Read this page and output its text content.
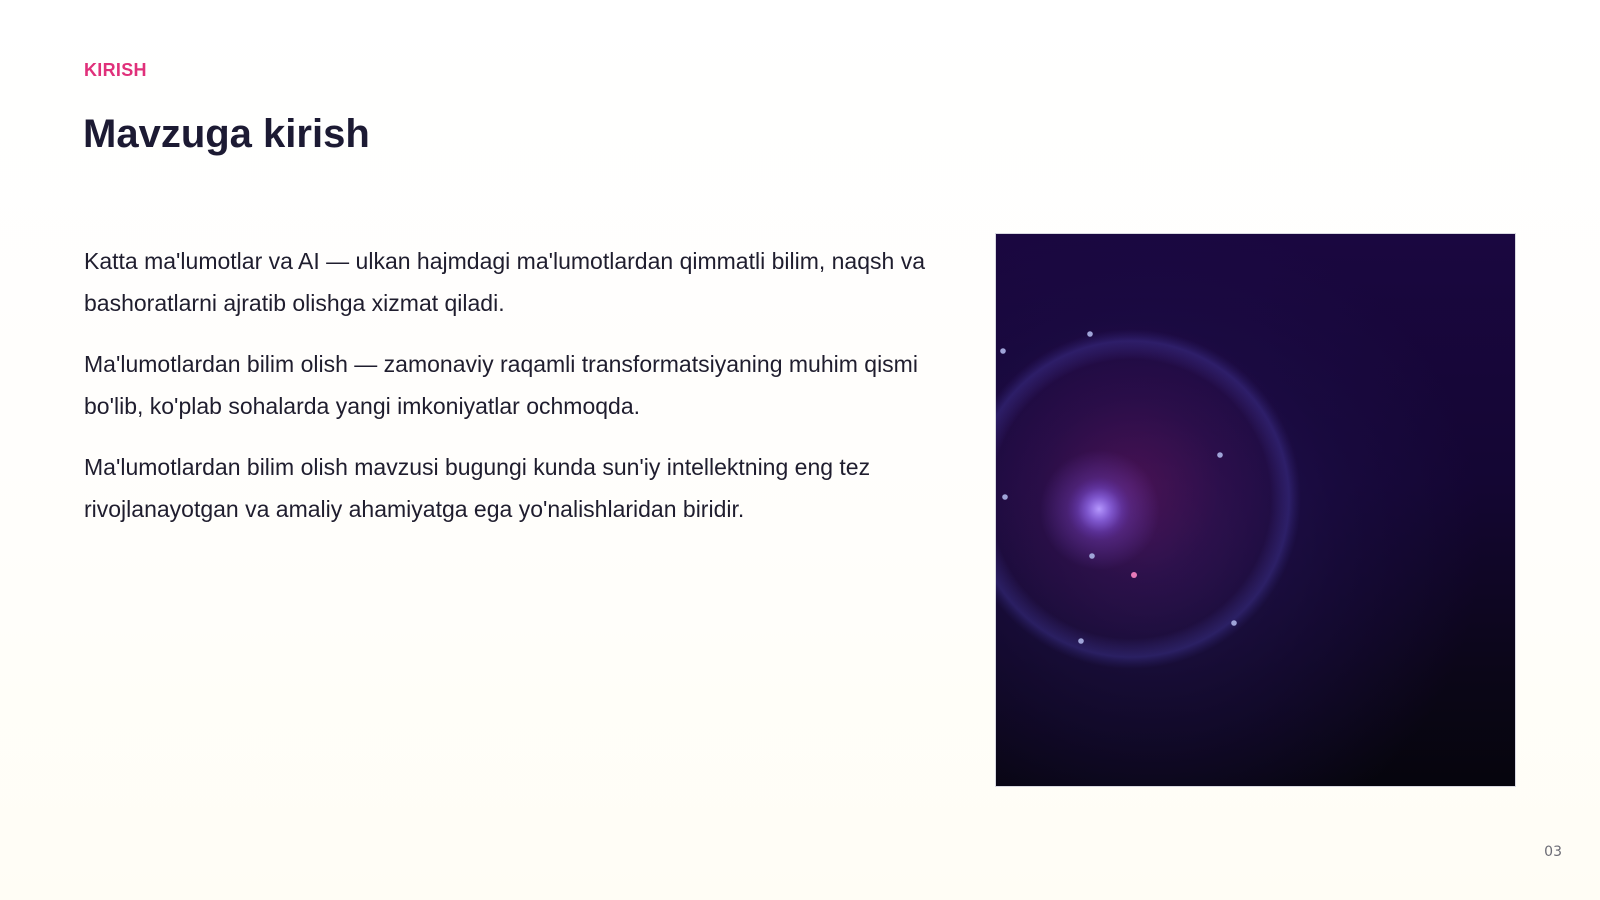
KIRISH
Mavzuga kirish

Katta ma'lumotlar va AI — ulkan hajmdagi ma'lumotlardan qimmatli bilim, naqsh va bashoratlarni ajratib olishga xizmat qiladi.

Ma'lumotlardan bilim olish — zamonaviy raqamli transformatsiyaning muhim qismi bo'lib, ko'plab sohalarda yangi imkoniyatlar ochmoqda.

Ma'lumotlardan bilim olish mavzusi bugungi kunda sun'iy intellektning eng tez rivojlanayotgan va amaliy ahamiyatga ega yo'nalishlaridan biridir.

03
